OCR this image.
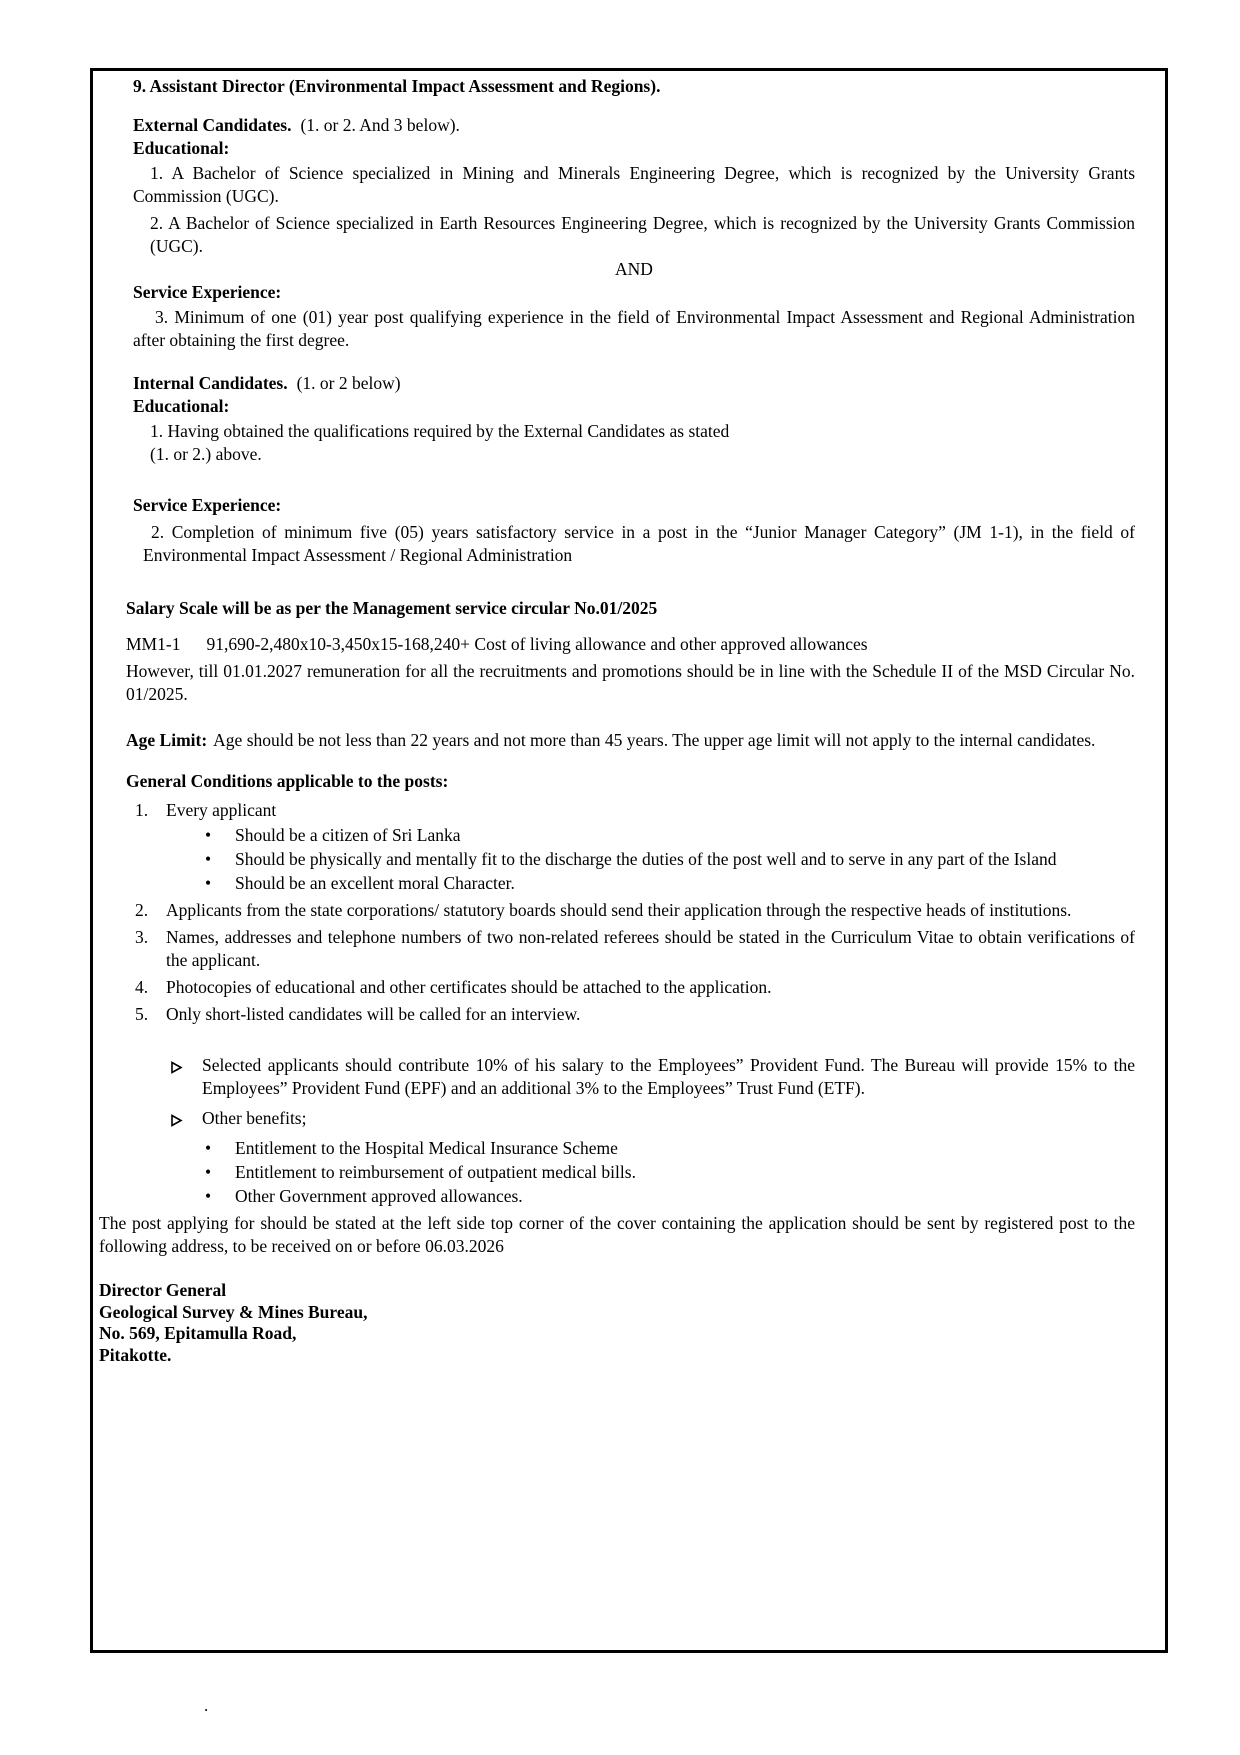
9. Assistant Director (Environmental Impact Assessment and Regions).
External Candidates. (1. or 2. And 3 below).
Educational:
1. A Bachelor of Science specialized in Mining and Minerals Engineering Degree, which is recognized by the University Grants Commission (UGC).
2. A Bachelor of Science specialized in Earth Resources Engineering Degree, which is recognized by the University Grants Commission (UGC).
AND
Service Experience:
3. Minimum of one (01) year post qualifying experience in the field of Environmental Impact Assessment and Regional Administration after obtaining the first degree.
Internal Candidates. (1. or 2 below)
Educational:
1. Having obtained the qualifications required by the External Candidates as stated
(1. or 2.) above.
Service Experience:
2. Completion of minimum five (05) years satisfactory service in a post in the “Junior Manager Category” (JM 1-1), in the field of Environmental Impact Assessment / Regional Administration
Salary Scale will be as per the Management service circular No.01/2025
MM1-1 91,690-2,480x10-3,450x15-168,240+ Cost of living allowance and other approved allowances
However, till 01.01.2027 remuneration for all the recruitments and promotions should be in line with the Schedule II of the MSD Circular No. 01/2025.
Age Limit: Age should be not less than 22 years and not more than 45 years. The upper age limit will not apply to the internal candidates.
General Conditions applicable to the posts:
1.	Every applicant
•	Should be a citizen of Sri Lanka
•	Should be physically and mentally fit to the discharge the duties of the post well and to serve in any part of the Island
•	Should be an excellent moral Character.
2.	Applicants from the state corporations/ statutory boards should send their application through the respective heads of institutions.
3.	Names, addresses and telephone numbers of two non-related referees should be stated in the Curriculum Vitae to obtain verifications of the applicant.
4.	Photocopies of educational and other certificates should be attached to the application.
5.	Only short-listed candidates will be called for an interview.
Selected applicants should contribute 10% of his salary to the Employees” Provident Fund. The Bureau will provide 15% to the Employees” Provident Fund (EPF) and an additional 3% to the Employees” Trust Fund (ETF).
Other benefits;
•	Entitlement to the Hospital Medical Insurance Scheme
•	Entitlement to reimbursement of outpatient medical bills.
•	Other Government approved allowances.
The post applying for should be stated at the left side top corner of the cover containing the application should be sent by registered post to the following address, to be received on or before 06.03.2026
Director General
Geological Survey & Mines Bureau,
No. 569, Epitamulla Road,
Pitakotte.
.
